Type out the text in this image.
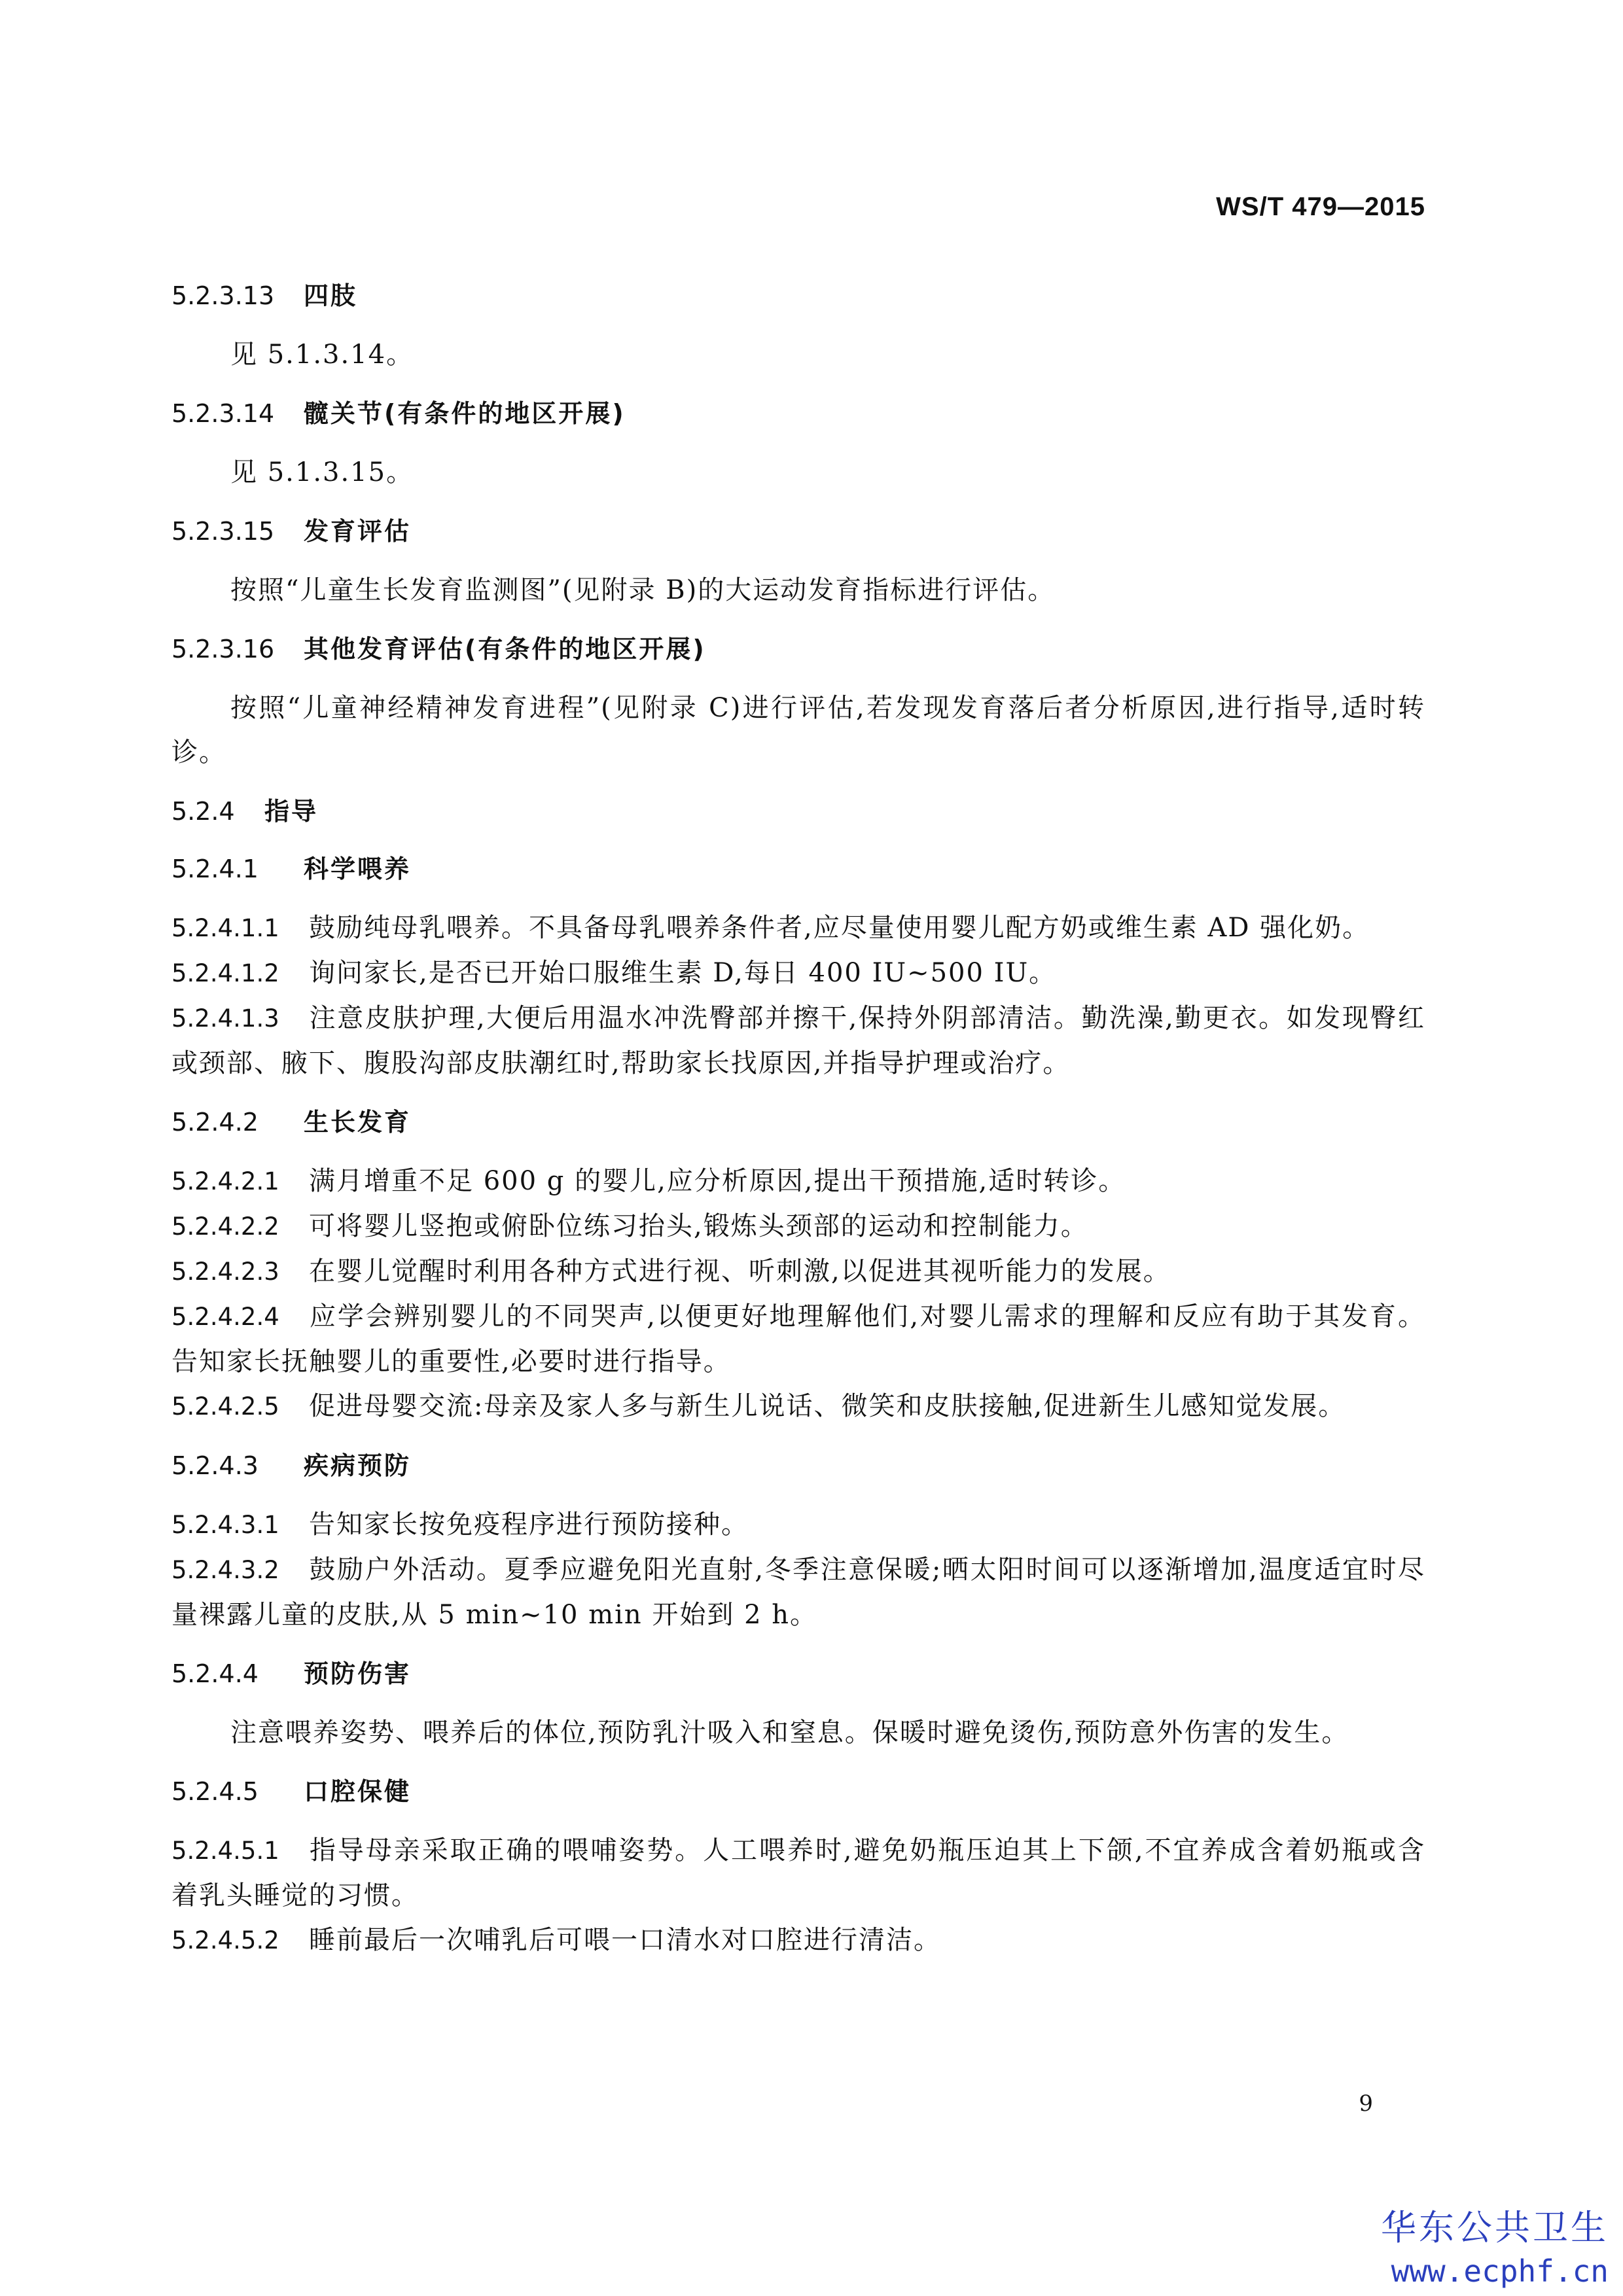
WS/T 479—2015
5.2.3.13 四肢
见 5.1.3.14。
5.2.3.14 髋关节(有条件的地区开展)
见 5.1.3.15。
5.2.3.15 发育评估
按照“儿童生长发育监测图”(见附录 B)的大运动发育指标进行评估。
5.2.3.16 其他发育评估(有条件的地区开展)
按照“儿童神经精神发育进程”(见附录 C)进行评估,若发现发育落后者分析原因,进行指导,适时转诊。
5.2.4 指导
5.2.4.1 科学喂养
5.2.4.1.1 鼓励纯母乳喂养。不具备母乳喂养条件者,应尽量使用婴儿配方奶或维生素 AD 强化奶。
5.2.4.1.2 询问家长,是否已开始口服维生素 D,每日 400 IU~500 IU。
5.2.4.1.3 注意皮肤护理,大便后用温水冲洗臀部并擦干,保持外阴部清洁。勤洗澡,勤更衣。如发现臀红或颈部、腋下、腹股沟部皮肤潮红时,帮助家长找原因,并指导护理或治疗。
5.2.4.2 生长发育
5.2.4.2.1 满月增重不足 600 g 的婴儿,应分析原因,提出干预措施,适时转诊。
5.2.4.2.2 可将婴儿竖抱或俯卧位练习抬头,锻炼头颈部的运动和控制能力。
5.2.4.2.3 在婴儿觉醒时利用各种方式进行视、听刺激,以促进其视听能力的发展。
5.2.4.2.4 应学会辨别婴儿的不同哭声,以便更好地理解他们,对婴儿需求的理解和反应有助于其发育。告知家长抚触婴儿的重要性,必要时进行指导。
5.2.4.2.5 促进母婴交流:母亲及家人多与新生儿说话、微笑和皮肤接触,促进新生儿感知觉发展。
5.2.4.3 疾病预防
5.2.4.3.1 告知家长按免疫程序进行预防接种。
5.2.4.3.2 鼓励户外活动。夏季应避免阳光直射,冬季注意保暖;晒太阳时间可以逐渐增加,温度适宜时尽量裸露儿童的皮肤,从 5 min~10 min 开始到 2 h。
5.2.4.4 预防伤害
注意喂养姿势、喂养后的体位,预防乳汁吸入和窒息。保暖时避免烫伤,预防意外伤害的发生。
5.2.4.5 口腔保健
5.2.4.5.1 指导母亲采取正确的喂哺姿势。人工喂养时,避免奶瓶压迫其上下颌,不宜养成含着奶瓶或含着乳头睡觉的习惯。
5.2.4.5.2 睡前最后一次哺乳后可喂一口清水对口腔进行清洁。
9
华东公共卫生
www.ecphf.cn
